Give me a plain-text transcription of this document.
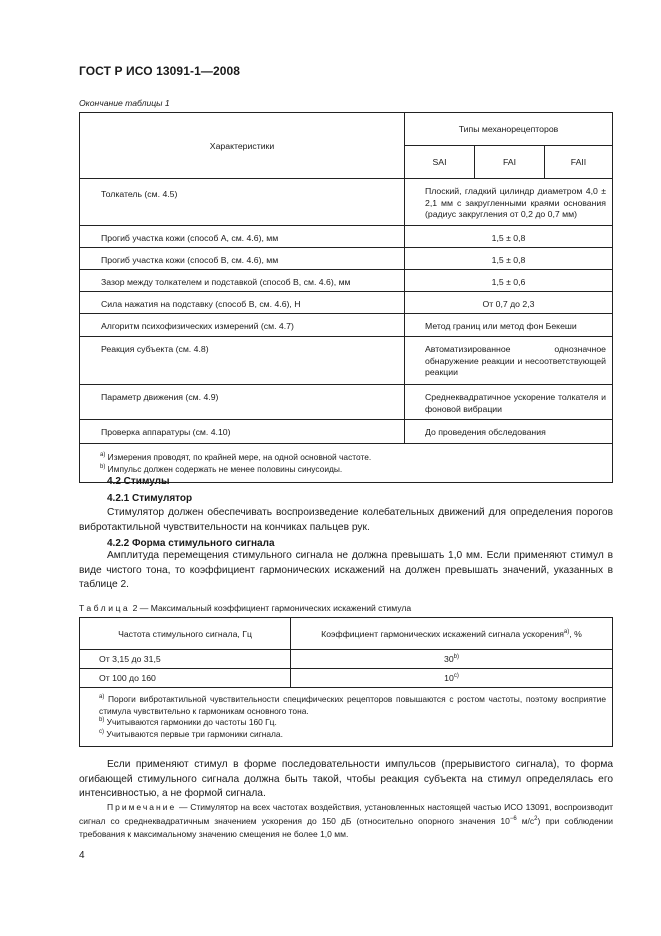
ГОСТ Р ИСО 13091-1—2008
Окончание таблицы 1
Характеристики	Типы механорецепторов		
	SAI	FAI	FAII
Толкатель (см. 4.5)	Плоский, гладкий цилиндр диаметром 4,0 ± 2,1 мм с закругленными краями основания (радиус закругления от 0,2 до 0,7 мм)		
Прогиб участка кожи (способ А, см. 4.6), мм	1,5 ± 0,8		
Прогиб участка кожи (способ В, см. 4.6), мм	1,5 ± 0,8		
Зазор между толкателем и подставкой (способ В, см. 4.6), мм	1,5 ± 0,6		
Сила нажатия на подставку (способ В, см. 4.6), Н	От 0,7 до 2,3		
Алгоритм психофизических измерений (см. 4.7)	Метод границ или метод фон Бекеши		
Реакция субъекта (см. 4.8)	Автоматизированное однозначное обнаружение реакции и несоответствующей реакции		
Параметр движения (см. 4.9)	Среднеквадратичное ускорение толкателя и фоновой вибрации		
Проверка аппаратуры (см. 4.10)	До проведения обследования		

$^{а)}$ Измерения проводят, по крайней мере, на одной основной частоте.
$^{b)}$ Импульс должен содержать не менее половины синусоиды.			
4.2 Стимулы
4.2.1 Стимулятор
Стимулятор должен обеспечивать воспроизведение колебательных движений для определения порогов вибротактильной чувствительности на кончиках пальцев рук.
4.2.2 Форма стимульного сигнала
Амплитуда перемещения стимульного сигнала не должна превышать 1,0 мм. Если применяют стимул в виде чистого тона, то коэффициент гармонических искажений на должен превышать значений, указанных в таблице 2.
Таблица 2 — Максимальный коэффициент гармонических искажений стимула
Частота стимульного сигнала, Гц	Коэффициент гармонических искажений сигнала ускорения$^{а)}$, %
От 3,15 до 31,5	30$^{b)}$
От 100 до 160	10$^{c)}$

$^{а)}$ Пороги вибротактильной чувствительности специфических рецепторов повышаются с ростом частоты, поэтому восприятие стимула чувствительно к гармоникам основного тона.
$^{b)}$ Учитываются гармоники до частоты 160 Гц.
$^{c)}$ Учитываются первые три гармоники сигнала.	
Если применяют стимул в форме последовательности импульсов (прерывистого сигнала), то форма огибающей стимульного сигнала должна быть такой, чтобы реакция субъекта на стимул определялась его интенсивностью, а не формой сигнала.
Примечание — Стимулятор на всех частотах воздействия, установленных настоящей частью ИСО 13091, воспроизводит сигнал со среднеквадратичным значением ускорения до 150 дБ (относительно опорного значения $10^{-6}$ $м/с^2$) при соблюдении требования к максимальному значению смещения не более 1,0 мм.
4
